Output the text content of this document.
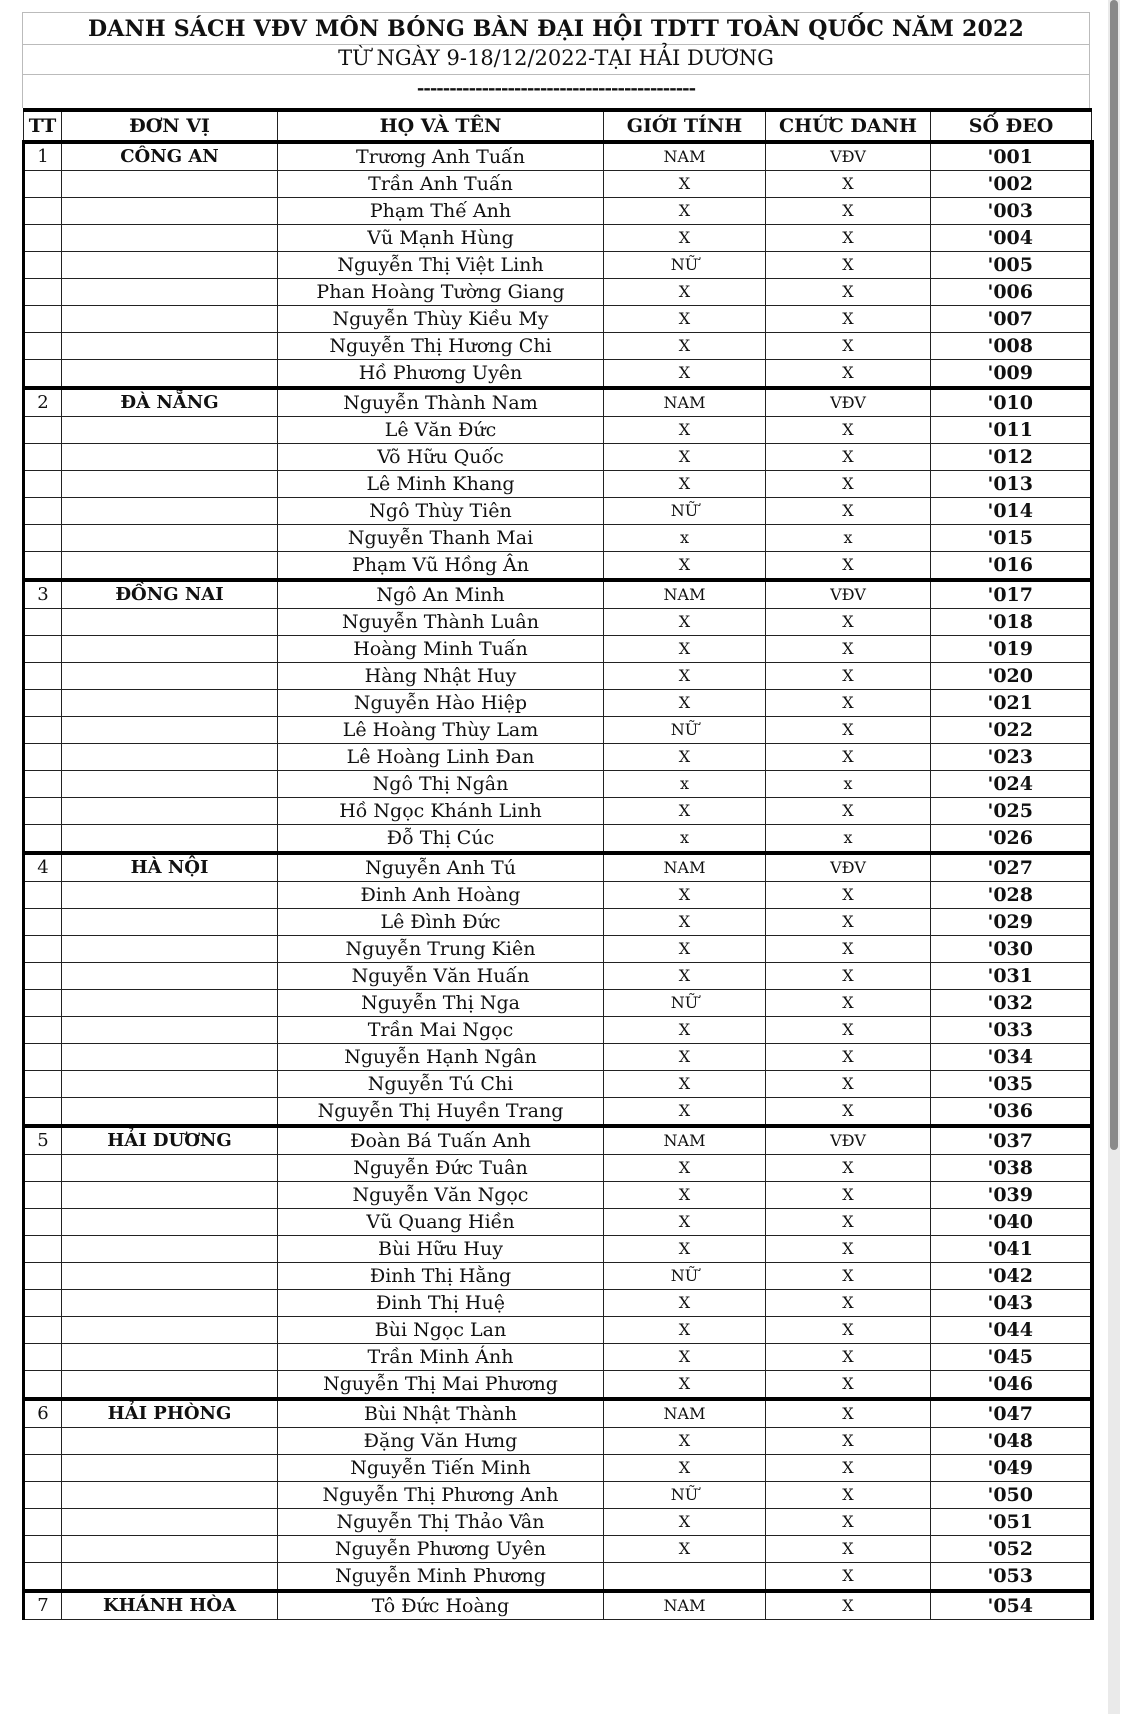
DANH SÁCH VĐV MÔN BÓNG BÀN ĐẠI HỘI TDTT TOÀN QUỐC NĂM 2022
TỪ NGÀY 9-18/12/2022-TẠI HẢI DƯƠNG
-------------------------------------------
TT	ĐƠN VỊ	HỌ VÀ TÊN	GIỚI TÍNH	CHỨC DANH	SỐ ĐEO
1	CÔNG AN	Trương Anh Tuấn	NAM	VĐV	'001
		Trần Anh Tuấn	X	X	'002
		Phạm Thế Anh	X	X	'003
		Vũ Mạnh Hùng	X	X	'004
		Nguyễn Thị Việt Linh	NỮ	X	'005
		Phan Hoàng Tường Giang	X	X	'006
		Nguyễn Thùy Kiều My	X	X	'007
		Nguyễn Thị Hương Chi	X	X	'008
		Hồ Phương Uyên	X	X	'009
2	ĐÀ NẴNG	Nguyễn Thành Nam	NAM	VĐV	'010
		Lê Văn Đức	X	X	'011
		Võ Hữu Quốc	X	X	'012
		Lê Minh Khang	X	X	'013
		Ngô Thùy Tiên	NỮ	X	'014
		Nguyễn Thanh Mai	x	x	'015
		Phạm Vũ Hồng Ân	X	X	'016
3	ĐỒNG NAI	Ngô An Minh	NAM	VĐV	'017
		Nguyễn Thành Luân	X	X	'018
		Hoàng Minh Tuấn	X	X	'019
		Hàng Nhật Huy	X	X	'020
		Nguyễn Hào Hiệp	X	X	'021
		Lê Hoàng Thùy Lam	NỮ	X	'022
		Lê Hoàng Linh Đan	X	X	'023
		Ngô Thị Ngân	x	x	'024
		Hồ Ngọc Khánh Linh	X	X	'025
		Đỗ Thị Cúc	x	x	'026
4	HÀ NỘI	Nguyễn Anh Tú	NAM	VĐV	'027
		Đinh Anh Hoàng	X	X	'028
		Lê Đình Đức	X	X	'029
		Nguyễn Trung Kiên	X	X	'030
		Nguyễn Văn Huấn	X	X	'031
		Nguyễn Thị Nga	NỮ	X	'032
		Trần Mai Ngọc	X	X	'033
		Nguyễn Hạnh Ngân	X	X	'034
		Nguyễn Tú Chi	X	X	'035
		Nguyễn Thị Huyền Trang	X	X	'036
5	HẢI DƯƠNG	Đoàn Bá Tuấn Anh	NAM	VĐV	'037
		Nguyễn Đức Tuân	X	X	'038
		Nguyễn Văn Ngọc	X	X	'039
		Vũ Quang Hiền	X	X	'040
		Bùi Hữu Huy	X	X	'041
		Đinh Thị Hằng	NỮ	X	'042
		Đinh Thị Huệ	X	X	'043
		Bùi Ngọc Lan	X	X	'044
		Trần Minh Ánh	X	X	'045
		Nguyễn Thị Mai Phương	X	X	'046
6	HẢI PHÒNG	Bùi Nhật Thành	NAM	X	'047
		Đặng Văn Hưng	X	X	'048
		Nguyễn Tiến Minh	X	X	'049
		Nguyễn Thị Phương Anh	NỮ	X	'050
		Nguyễn Thị Thảo Vân	X	X	'051
		Nguyễn Phương Uyên	X	X	'052
		Nguyễn Minh Phương		X	'053
7	KHÁNH HÒA	Tô Đức Hoàng	NAM	X	'054
